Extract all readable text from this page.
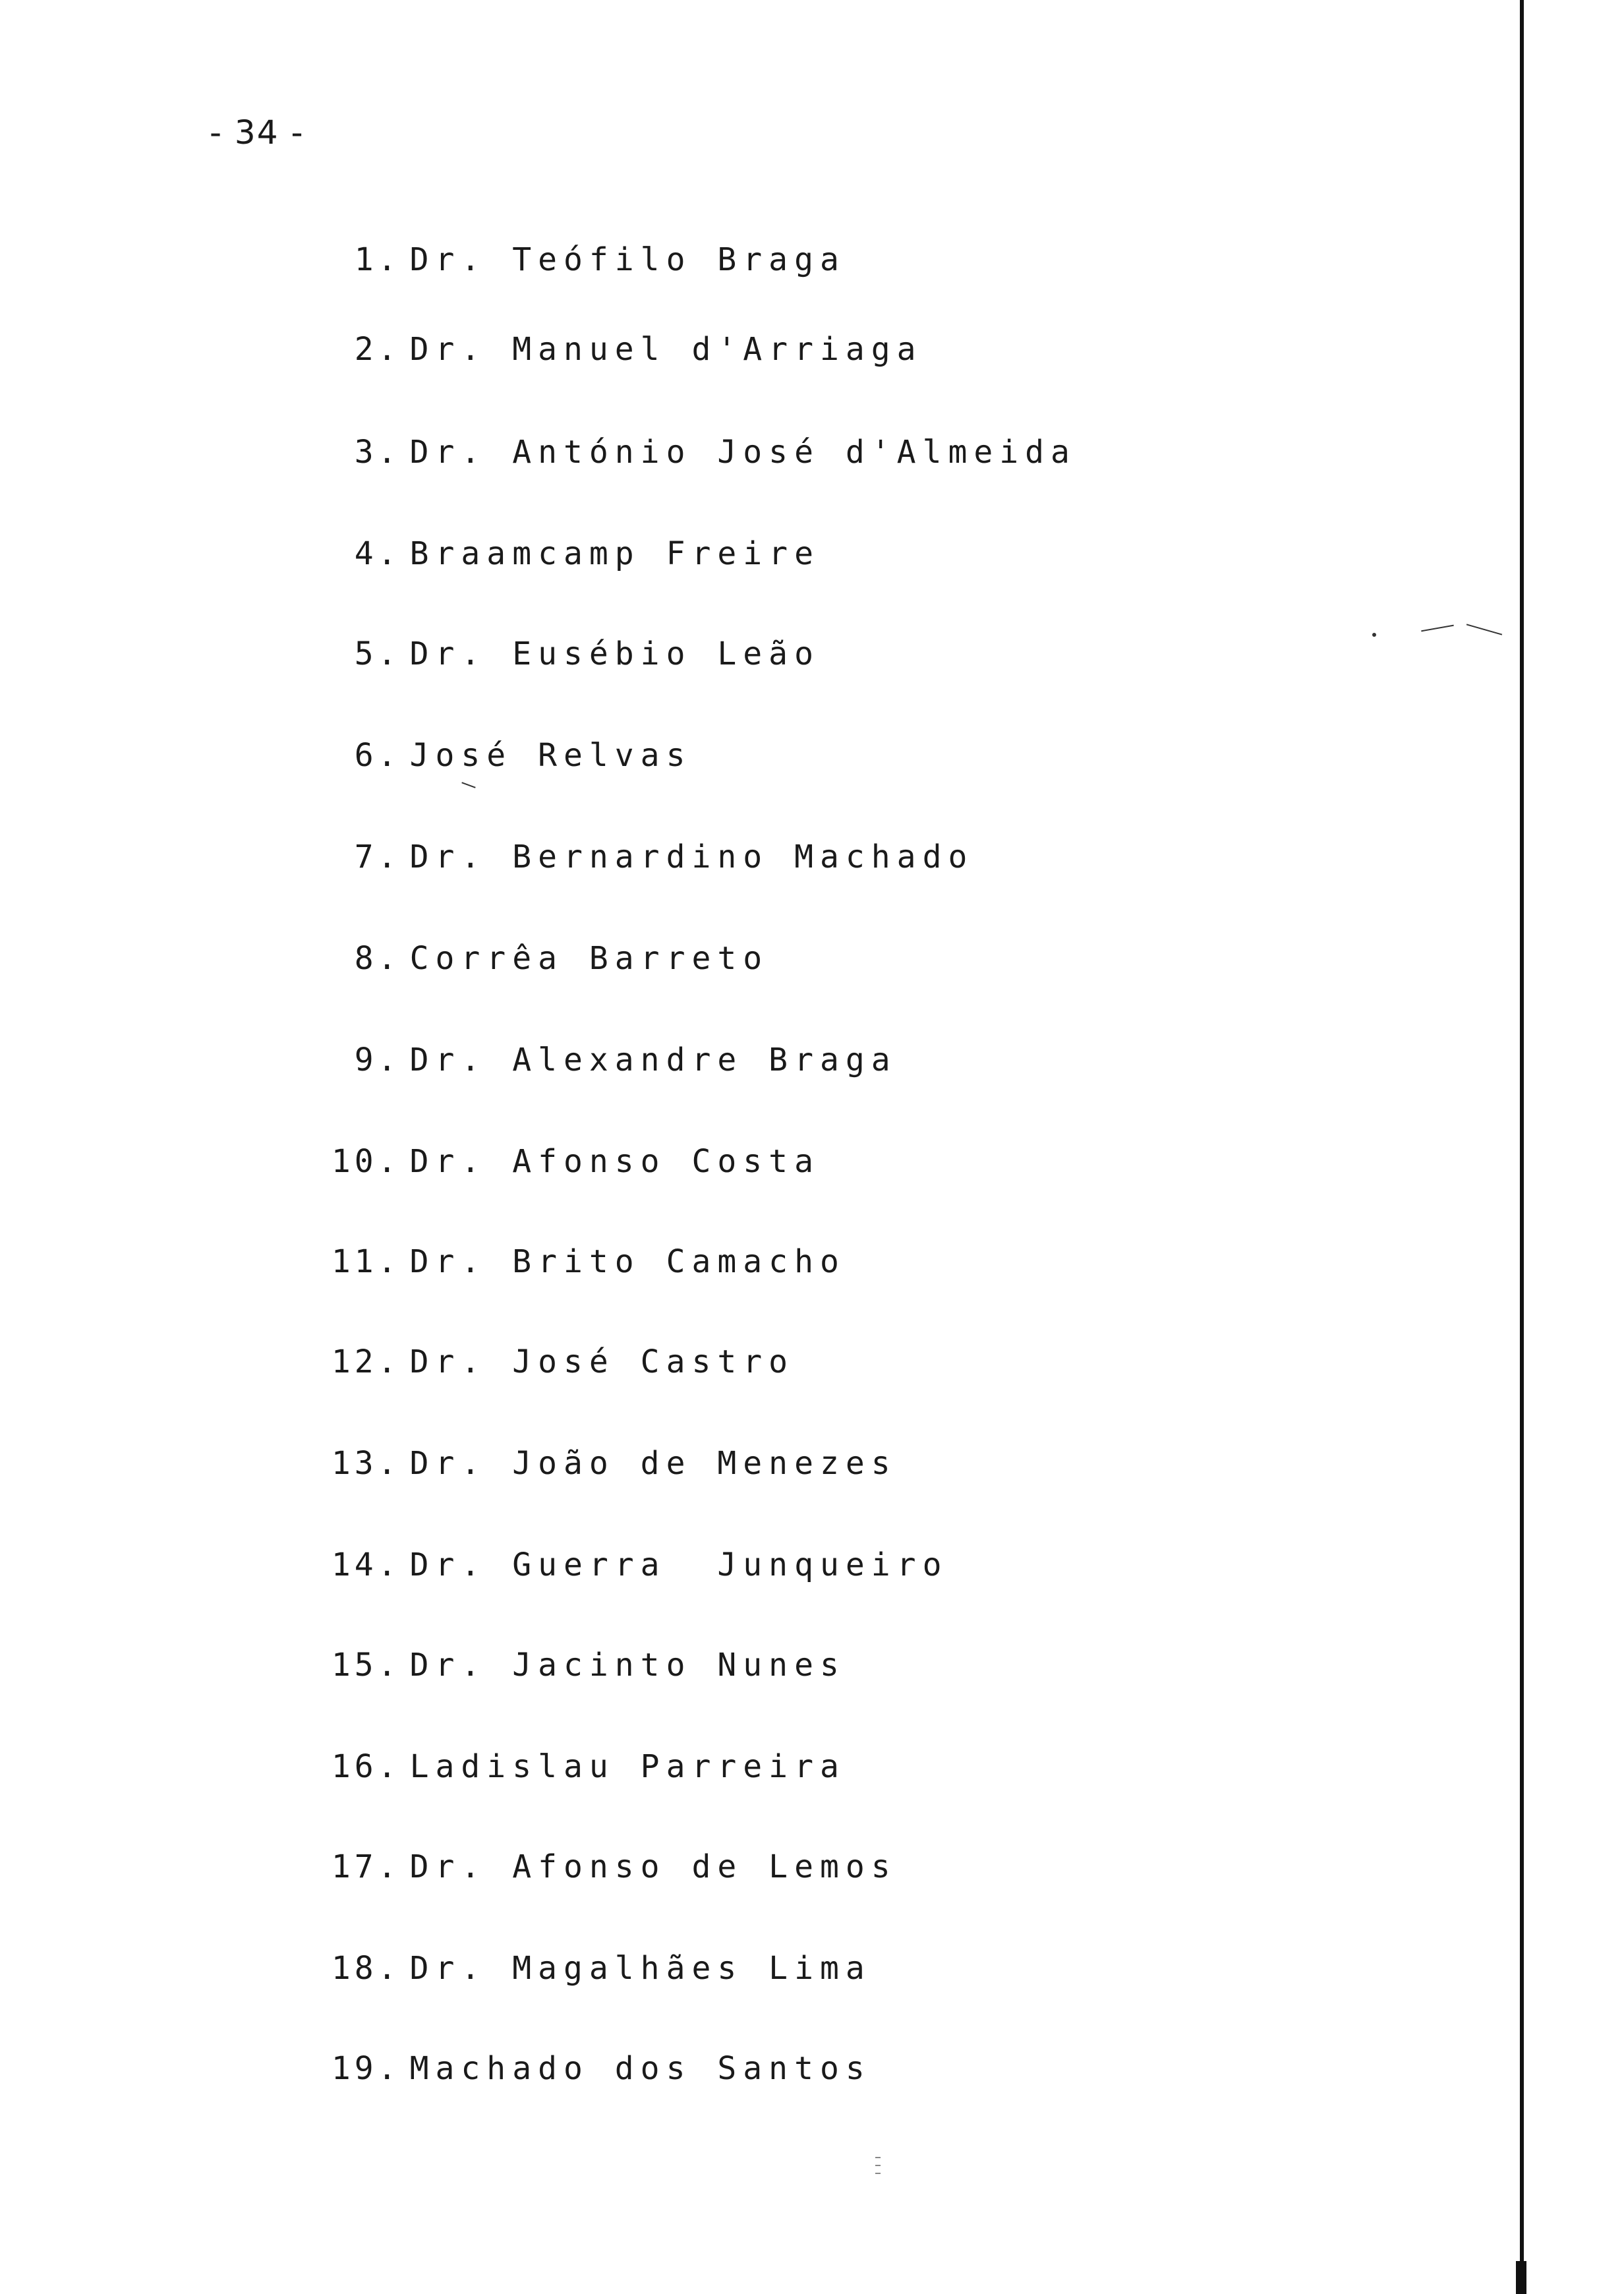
- 34 -

1. Dr. Teófilo Braga

2. Dr. Manuel d'Arriaga

3. Dr. António José d'Almeida

4. Braamcamp Freire

5. Dr. Eusébio Leão

6. José Relvas

7. Dr. Bernardino Machado

8. Corrêa Barreto

9. Dr. Alexandre Braga

10. Dr. Afonso Costa

11. Dr. Brito Camacho

12. Dr. José Castro

13. Dr. João de Menezes

14. Dr. Guerra  Junqueiro

15. Dr. Jacinto Nunes

16. Ladislau Parreira

17. Dr. Afonso de Lemos

18. Dr. Magalhães Lima

19. Machado dos Santos
